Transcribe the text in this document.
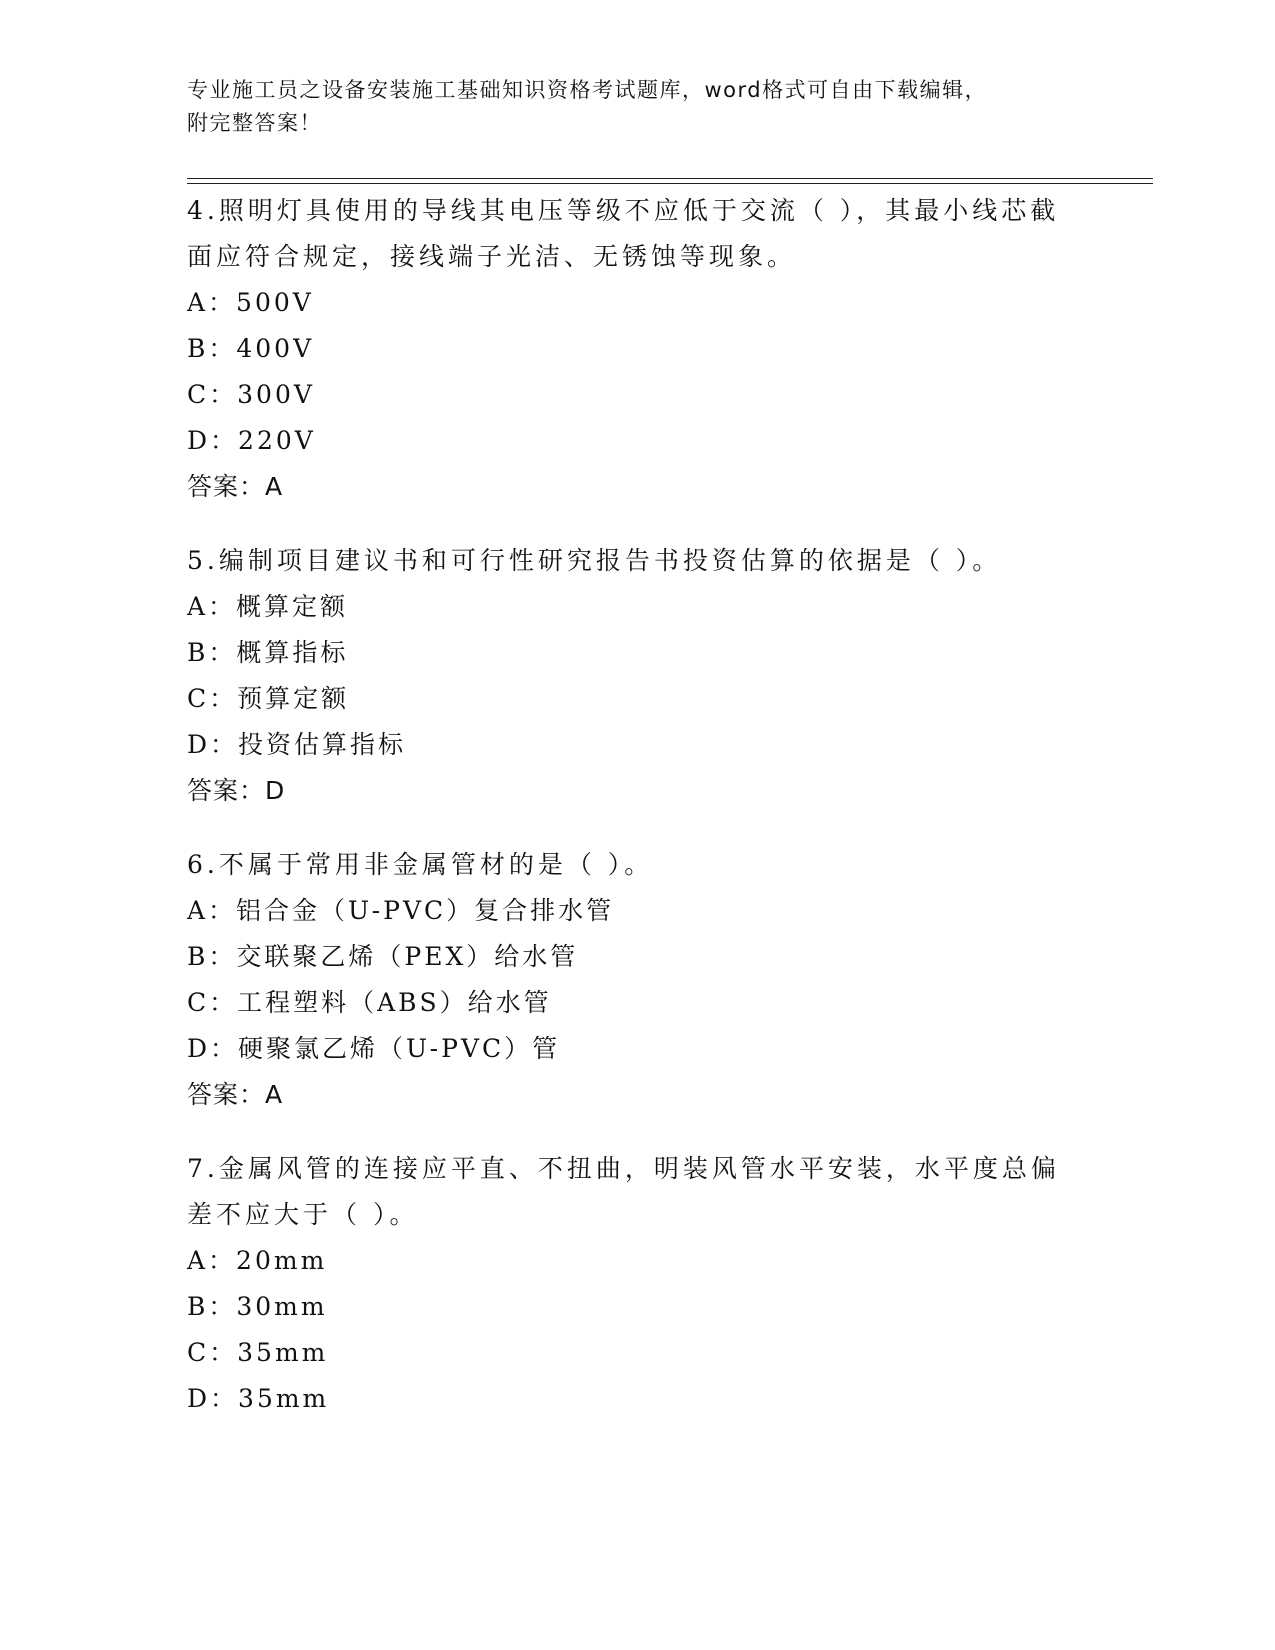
专业施工员之设备安装施工基础知识资格考试题库，word格式可自由下载编辑，
附完整答案！

4.照明灯具使用的导线其电压等级不应低于交流（ ），其最小线芯截面应符合规定，接线端子光洁、无锈蚀等现象。

A：500V

B：400V

C：300V

D：220V

答案：A

5.编制项目建议书和可行性研究报告书投资估算的依据是（ ）。

A：概算定额

B：概算指标

C：预算定额

D：投资估算指标

答案：D

6.不属于常用非金属管材的是（ ）。

A：铝合金（U-PVC）复合排水管

B：交联聚乙烯（PEX）给水管

C：工程塑料（ABS）给水管

D：硬聚氯乙烯（U-PVC）管

答案：A

7.金属风管的连接应平直、不扭曲，明装风管水平安装，水平度总偏差不应大于（ ）。

A：20mm

B：30mm

C：35mm

D：35mm
